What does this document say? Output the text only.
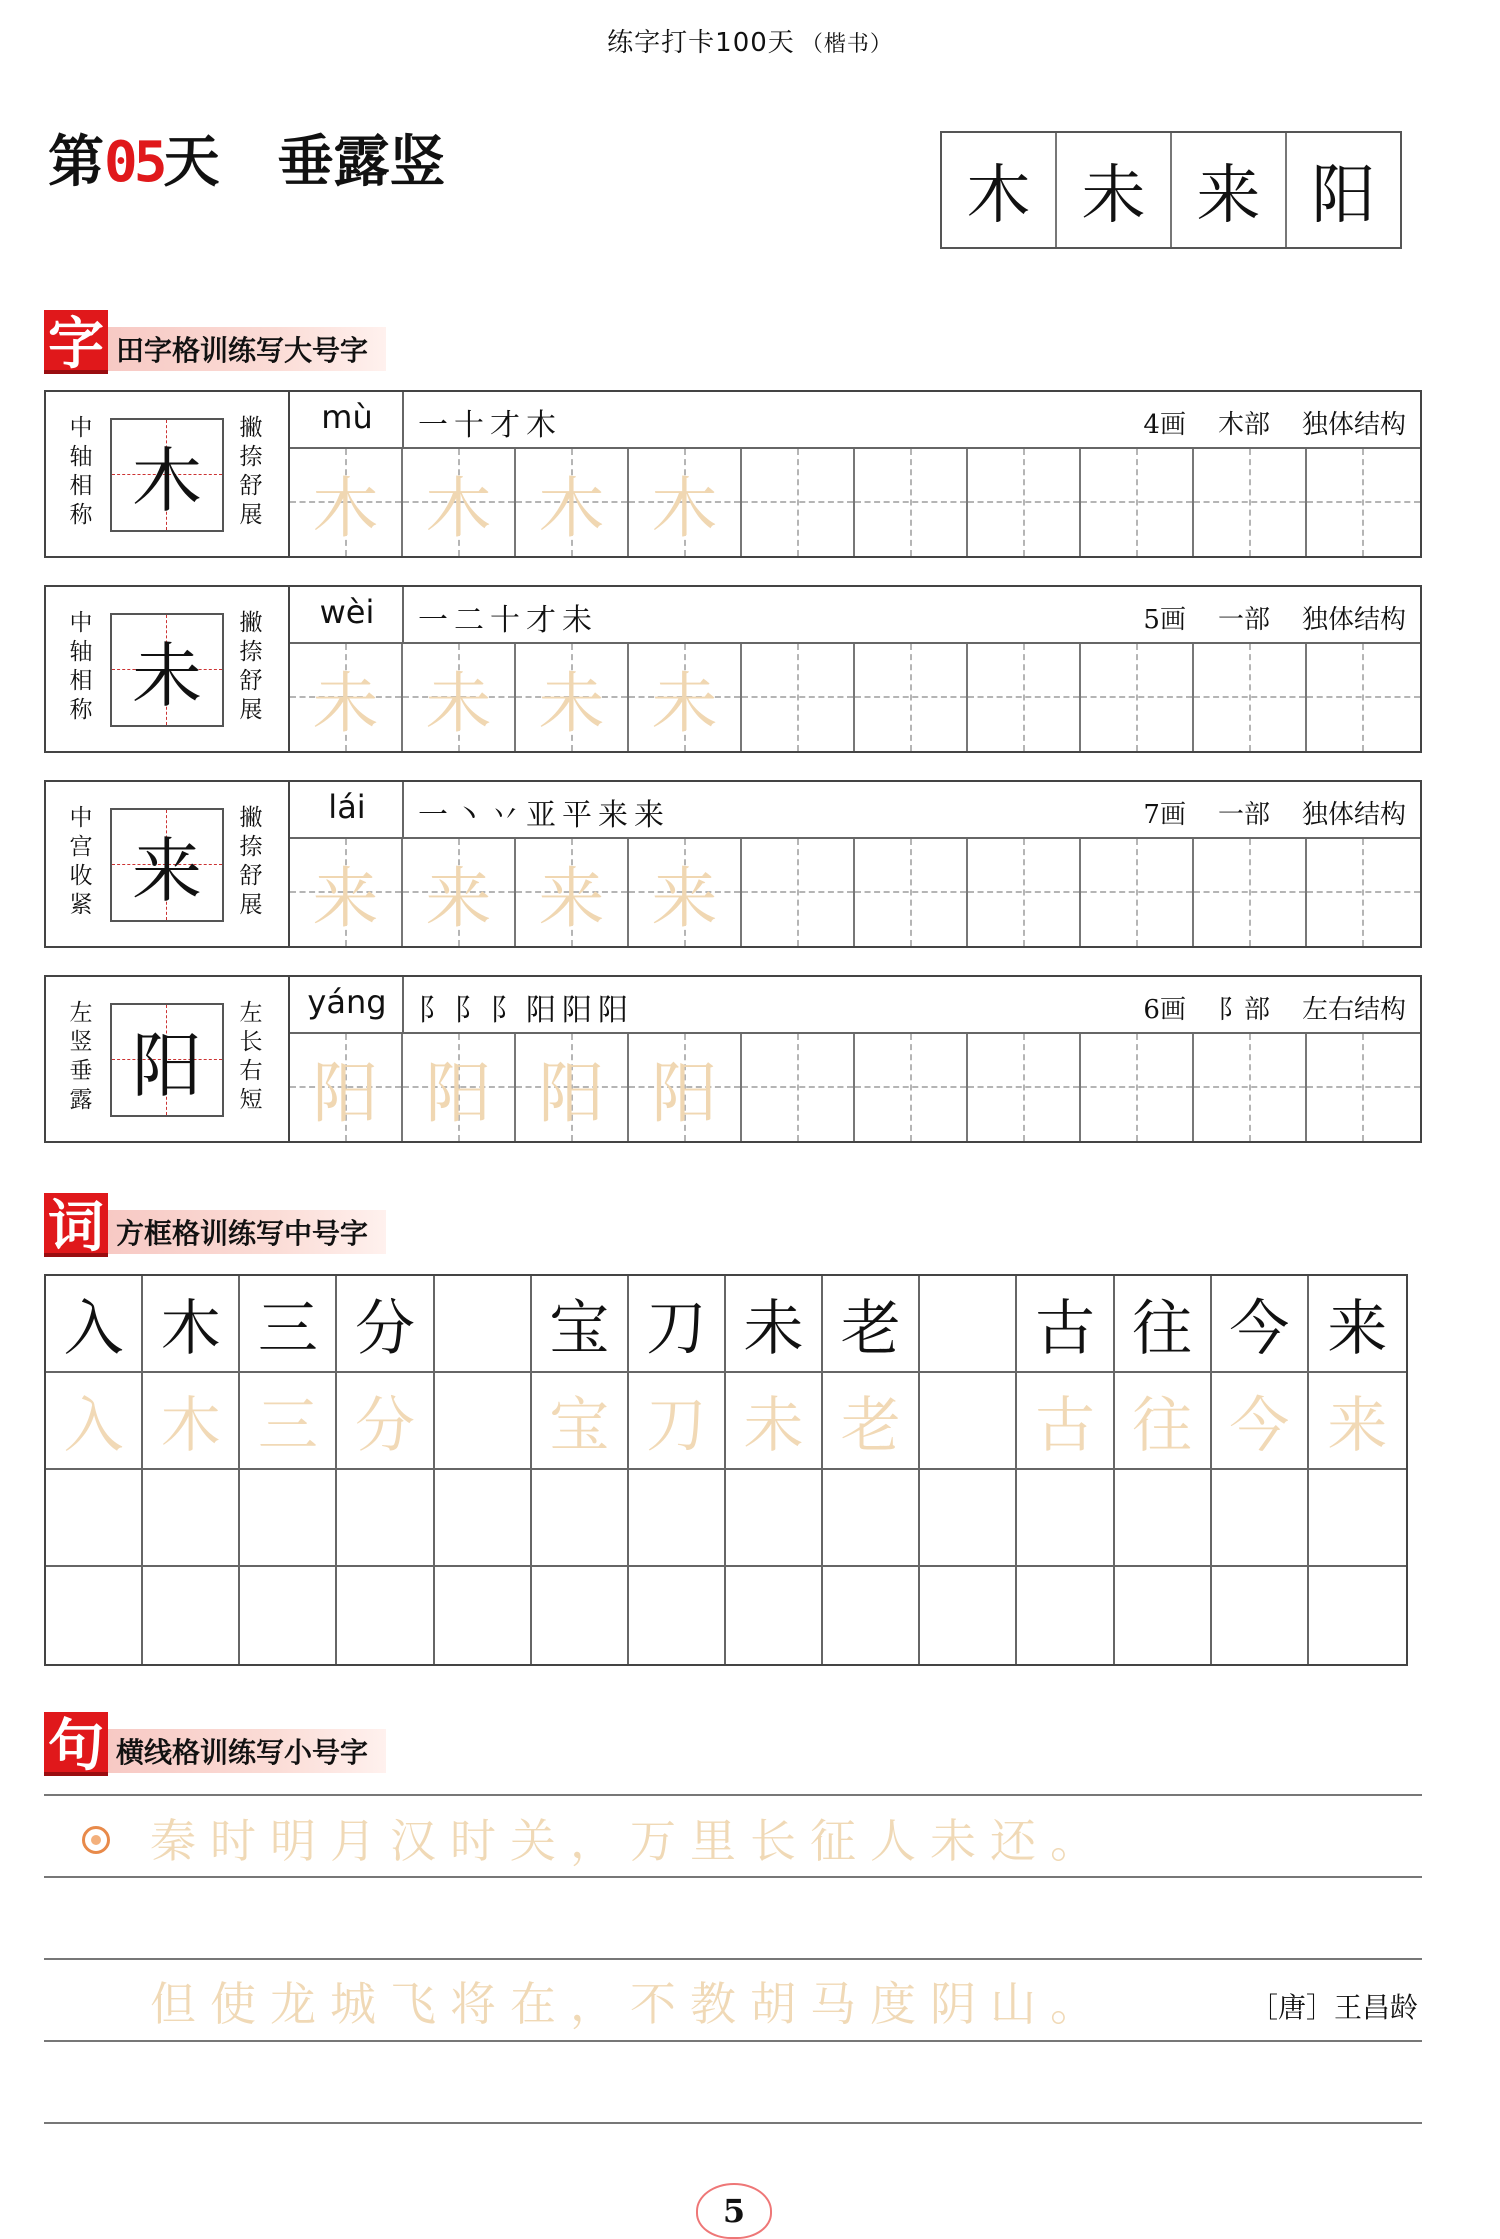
练字打卡100天 （楷书）
第05天 垂露竖	木 未 来 阳
字 田字格训练写大号字
中轴相称 木
撇捺舒展
mù	一十才木	4画 木部 独体结构
木 木 木 木
中轴相称 未
撇捺舒展
wèi	一二十才未	5画 一部 独体结构
未 未 未 未
中宫收紧 来
撇捺舒展
lái	一丶丷亚平来来	7画 一部 独体结构
来 来 来 来
左竖垂露 阳
左长右短
yáng	阝阝阝阳阳阳	6画 阝部 左右结构
阳 阳 阳 阳
词 方框格训练写中号字
入 木 三 分	宝 刀 未 老	古 往 今 来
入 木 三 分	宝 刀 未 老	古 往 今 来
句 横线格训练写小号字
秦时明月汉时关，万里长征人未还。
但使龙城飞将在，不教胡马度阴山。	［唐］王昌龄
5
